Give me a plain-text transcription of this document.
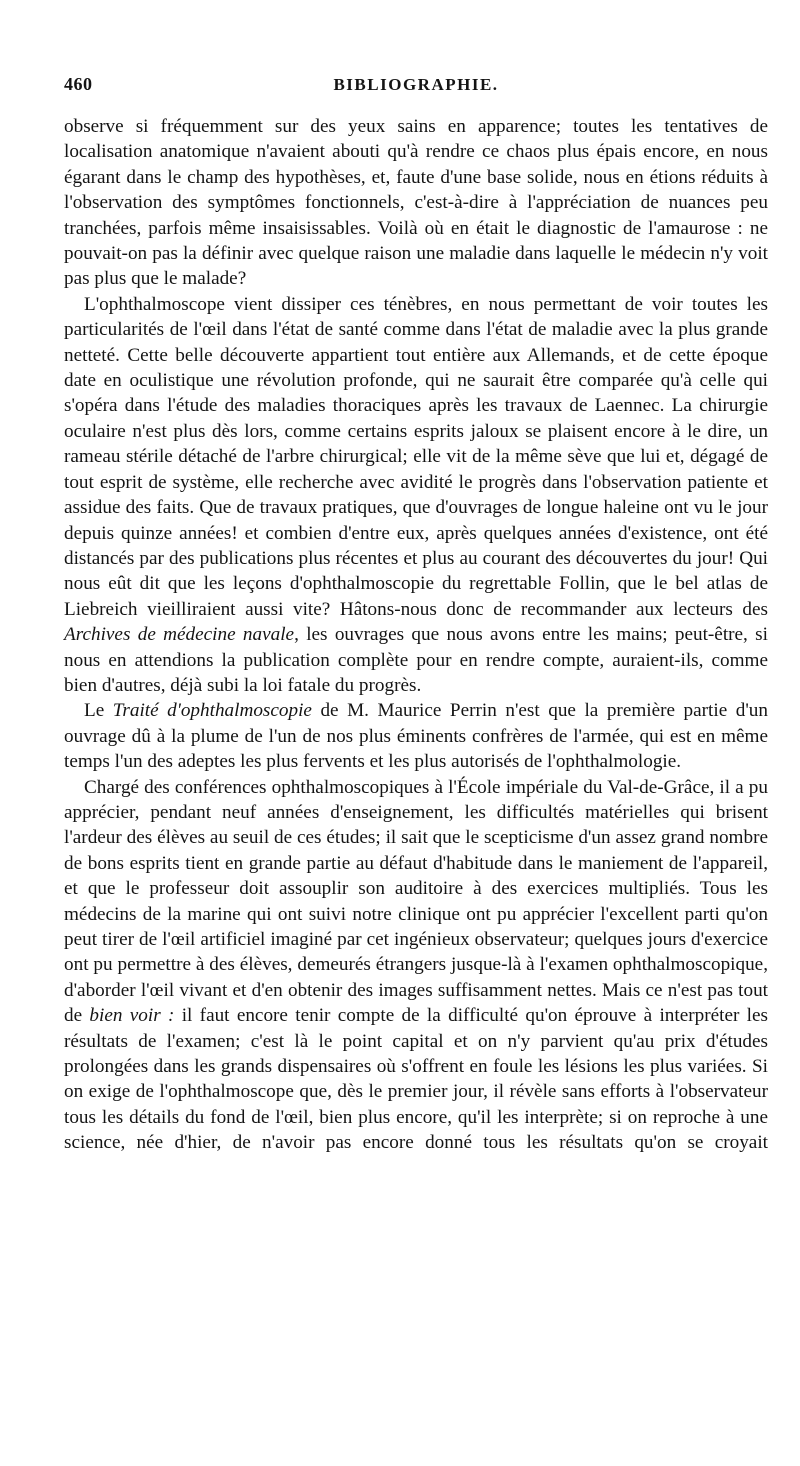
460	BIBLIOGRAPHIE.

observe si fréquemment sur des yeux sains en apparence; toutes les tentatives de localisation anatomique n'avaient abouti qu'à rendre ce chaos plus épais encore, en nous égarant dans le champ des hypothèses, et, faute d'une base solide, nous en étions réduits à l'observation des symptômes fonctionnels, c'est-à-dire à l'appréciation de nuances peu tranchées, parfois même insaisissables. Voilà où en était le diagnostic de l'amaurose : ne pouvait-on pas la définir avec quelque raison une maladie dans laquelle le médecin n'y voit pas plus que le malade?

L'ophthalmoscope vient dissiper ces ténèbres, en nous permettant de voir toutes les particularités de l'œil dans l'état de santé comme dans l'état de maladie avec la plus grande netteté. Cette belle découverte appartient tout entière aux Allemands, et de cette époque date en oculistique une révolution profonde, qui ne saurait être comparée qu'à celle qui s'opéra dans l'étude des maladies thoraciques après les travaux de Laennec. La chirurgie oculaire n'est plus dès lors, comme certains esprits jaloux se plaisent encore à le dire, un rameau stérile détaché de l'arbre chirurgical; elle vit de la même sève que lui et, dégagé de tout esprit de système, elle recherche avec avidité le progrès dans l'observation patiente et assidue des faits. Que de travaux pratiques, que d'ouvrages de longue haleine ont vu le jour depuis quinze années! et combien d'entre eux, après quelques années d'existence, ont été distancés par des publications plus récentes et plus au courant des découvertes du jour! Qui nous eût dit que les leçons d'ophthalmoscopie du regrettable Follin, que le bel atlas de Liebreich vieilliraient aussi vite? Hâtons-nous donc de recommander aux lecteurs des Archives de médecine navale, les ouvrages que nous avons entre les mains; peut-être, si nous en attendions la publication complète pour en rendre compte, auraient-ils, comme bien d'autres, déjà subi la loi fatale du progrès.

Le Traité d'ophthalmoscopie de M. Maurice Perrin n'est que la première partie d'un ouvrage dû à la plume de l'un de nos plus éminents confrères de l'armée, qui est en même temps l'un des adeptes les plus fervents et les plus autorisés de l'ophthalmologie.

Chargé des conférences ophthalmoscopiques à l'École impériale du Val-de-Grâce, il a pu apprécier, pendant neuf années d'enseignement, les difficultés matérielles qui brisent l'ardeur des élèves au seuil de ces études; il sait que le scepticisme d'un assez grand nombre de bons esprits tient en grande partie au défaut d'habitude dans le maniement de l'appareil, et que le professeur doit assouplir son auditoire à des exercices multipliés. Tous les médecins de la marine qui ont suivi notre clinique ont pu apprécier l'excellent parti qu'on peut tirer de l'œil artificiel imaginé par cet ingénieux observateur; quelques jours d'exercice ont pu permettre à des élèves, demeurés étrangers jusque-là à l'examen ophthalmoscopique, d'aborder l'œil vivant et d'en obtenir des images suffisamment nettes. Mais ce n'est pas tout de bien voir : il faut encore tenir compte de la difficulté qu'on éprouve à interpréter les résultats de l'examen; c'est là le point capital et on n'y parvient qu'au prix d'études prolongées dans les grands dispensaires où s'offrent en foule les lésions les plus variées. Si on exige de l'ophthalmoscope que, dès le premier jour, il révèle sans efforts à l'observateur tous les détails du fond de l'œil, bien plus encore, qu'il les interprète; si on reproche à une science, née d'hier, de n'avoir pas encore donné tous les résultats qu'on se croyait
